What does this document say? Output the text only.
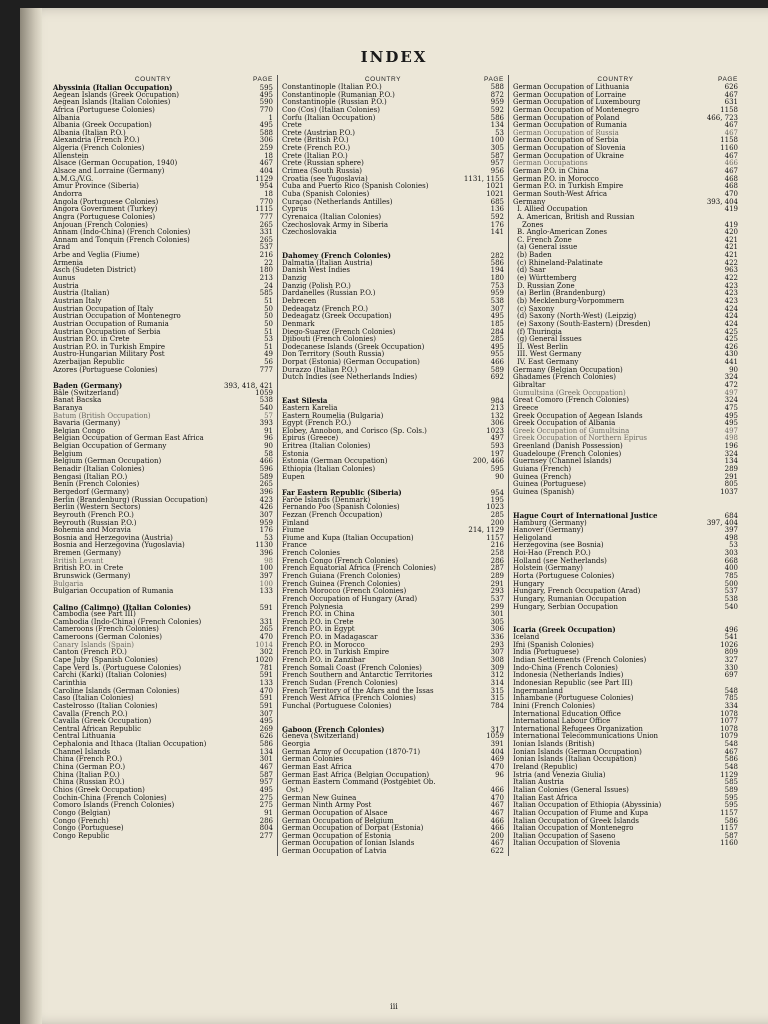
INDEX
COUNTRY	PAGE
Abyssinia (Italian Occupation)	595
Aegean Islands (Greek Occupation)	495
Aegean Islands (Italian Colonies)	590
Africa (Portuguese Colonies)	770
Albania	1
Albania (Greek Occupation)	495
Albania (Italian P.O.)	588
Alexandria (French P.O.)	306
Algeria (French Colonies)	259
Allenstein	18
Alsace (German Occupation, 1940)	467
Alsace and Lorraine (Germany)	404
A.M.G./V.G.	1129
Amur Province (Siberia)	954
Andorra	18
Angola (Portuguese Colonies)	770
Angora Government (Turkey)	1115
Angra (Portuguese Colonies)	777
Anjouan (French Colonies)	265
Annam (Indo-China) (French Colonies)	331
Annam and Tonquin (French Colonies)	265
Arad	537
Arbe and Veglia (Fiume)	216
Armenia	22
Asch (Sudeten District)	180
Aunus	213
Austria	24
Austria (Italian)	585
Austrian Italy	51
Austrian Occupation of Italy	50
Austrian Occupation of Montenegro	50
Austrian Occupation of Rumania	50
Austrian Occupation of Serbia	51
Austrian P.O. in Crete	53
Austrian P.O. in Turkish Empire	51
Austro-Hungarian Military Post	49
Azerbaijan Republic	56
Azores (Portuguese Colonies)	777
Baden (Germany)	393, 418, 421
Bâle (Switzerland)	1059
Banat Bacska	538
Baranya	540
Batum (British Occupation)	57
Bavaria (Germany)	393
Belgian Congo	91
Belgian Occupation of German East Africa	96
Belgian Occupation of Germany	90
Belgium	58
Belgium (German Occupation)	466
Benadir (Italian Colonies)	596
Bengasi (Italian P.O.)	589
Benin (French Colonies)	265
Bergedorf (Germany)	396
Berlin (Brandenburg) (Russian Occupation)	423
Berlin (Western Sectors)	426
Beyrouth (French P.O.)	307
Beyrouth (Russian P.O.)	959
Bohemia and Moravia	176
Bosnia and Herzegovina (Austria)	53
Bosnia and Herzegovina (Yugoslavia)	1130
Bremen (Germany)	396
British Levant	98
British P.O. in Crete	100
Brunswick (Germany)	397
Bulgaria	100
Bulgarian Occupation of Rumania	133
Calino (Calimno) (Italian Colonies)	591
Cambodia (see Part III)
Cambodia (Indo-China) (French Colonies)	331
Cameroons (French Colonies)	265
Cameroons (German Colonies)	470
Canary Islands (Spain)	1014
Canton (French P.O.)	302
Cape Juby (Spanish Colonies)	1020
Cape Verd Is. (Portuguese Colonies)	781
Carchi (Karki) (Italian Colonies)	591
Carinthia	133
Caroline Islands (German Colonies)	470
Caso (Italian Colonies)	591
Castelrosso (Italian Colonies)	591
Cavalla (French P.O.)	307
Cavalla (Greek Occupation)	495
Central African Republic	269
Central Lithuania	626
Cephalonia and Ithaca (Italian Occupation)	586
Channel Islands	134
China (French P.O.)	301
China (German P.O.)	467
China (Italian P.O.)	587
China (Russian P.O.)	957
Chios (Greek Occupation)	495
Cochin-China (French Colonies)	275
Comoro Islands (French Colonies)	275
Congo (Belgian)	91
Congo (French)	286
Congo (Portuguese)	804
Congo Republic	277
COUNTRY	PAGE
Constantinople (Italian P.O.)	588
Constantinople (Rumanian P.O.)	872
Constantinople (Russian P.O.)	959
Coo (Cos) (Italian Colonies)	592
Corfu (Italian Occupation)	586
Crete	134
Crete (Austrian P.O.)	53
Crete (British P.O.)	100
Crete (French P.O.)	305
Crete (Italian P.O.)	587
Crete (Russian sphere)	957
Crimea (South Russia)	956
Croatia (see Yugoslavia)	1131, 1155
Cuba and Puerto Rico (Spanish Colonies)	1021
Cuba (Spanish Colonies)	1021
Curaçao (Netherlands Antilles)	685
Cyprus	136
Cyrenaica (Italian Colonies)	592
Czechoslovak Army in Siberia	176
Czechoslovakia	141
Dahomey (French Colonies)	282
Dalmatia (Italian Austria)	586
Danish West Indies	194
Danzig	180
Danzig (Polish P.O.)	753
Dardanelles (Russian P.O.)	959
Debrecen	538
Dedeagatz (French P.O.)	307
Dedeagatz (Greek Occupation)	495
Denmark	185
Diego-Suarez (French Colonies)	284
Djibouti (French Colonies)	285
Dodecanese Islands (Greek Occupation)	495
Don Territory (South Russia)	955
Dorpat (Estonia) (German Occupation)	466
Durazzo (Italian P.O.)	589
Dutch Indies (see Netherlands Indies)	692
East Silesia	984
Eastern Karelia	213
Eastern Roumelia (Bulgaria)	132
Egypt (French P.O.)	306
Elobey, Annobon, and Corisco (Sp. Cols.)	1023
Epirus (Greece)	497
Eritrea (Italian Colonies)	593
Estonia	197
Estonia (German Occupation)	200, 466
Ethiopia (Italian Colonies)	595
Eupen	90
Far Eastern Republic (Siberia)	954
Faröe Islands (Denmark)	195
Fernando Poo (Spanish Colonies)	1023
Fezzan (French Occupation)	285
Finland	200
Fiume	214, 1129
Fiume and Kupa (Italian Occupation)	1157
France	216
French Colonies	258
French Congo (French Colonies)	286
French Equatorial Africa (French Colonies)	287
French Guiana (French Colonies)	289
French Guinea (French Colonies)	291
French Morocco (French Colonies)	293
French Occupation of Hungary (Arad)	537
French Polynesia	299
French P.O. in China	301
French P.O. in Crete	305
French P.O. in Egypt	306
French P.O. in Madagascar	336
French P.O. in Morocco	293
French P.O. in Turkish Empire	307
French P.O. in Zanzibar	308
French Somali Coast (French Colonies)	309
French Southern and Antarctic Territories	312
French Sudan (French Colonies)	314
French Territory of the Afars and the Issas	315
French West Africa (French Colonies)	315
Funchal (Portuguese Colonies)	784
Gaboon (French Colonies)	317
Geneva (Switzerland)	1059
Georgia	391
German Army of Occupation (1870-71)	404
German Colonies	469
German East Africa	470
German East Africa (Belgian Occupation)	96
German Eastern Command (Postgebiet Ob.
Ost.)	466
German New Guinea	470
German Ninth Army Post	467
German Occupation of Alsace	467
German Occupation of Belgium	466
German Occupation of Dorpat (Estonia)	466
German Occupation of Estonia	200
German Occupation of Ionian Islands	467
German Occupation of Latvia	622
COUNTRY	PAGE
German Occupation of Lithuania	626
German Occupation of Lorraine	467
German Occupation of Luxembourg	631
German Occupation of Montenegro	1158
German Occupation of Poland	466, 723
German Occupation of Rumania	467
German Occupation of Russia	467
German Occupation of Serbia	1158
German Occupation of Slovenia	1160
German Occupation of Ukraine	467
German Occupations	466
German P.O. in China	467
German P.O. in Morocco	468
German P.O. in Turkish Empire	468
German South-West Africa	470
Germany	393, 404
I. Allied Occupation	419
A. American, British and Russian
Zones	419
B. Anglo-American Zones	420
C. French Zone	421
(a) General issue	421
(b) Baden	421
(c) Rhineland-Palatinate	422
(d) Saar	963
(e) Württemberg	422
D. Russian Zone	423
(a) Berlin (Brandenburg)	423
(b) Mecklenburg-Vorpommern	423
(c) Saxony	424
(d) Saxony (North-West) (Leipzig)	424
(e) Saxony (South-Eastern) (Dresden)	424
(f) Thuringia	425
(g) General Issues	425
II. West Berlin	426
III. West Germany	430
IV. East Germany	441
Germany (Belgian Occupation)	90
Ghadames (French Colonies)	324
Gibraltar	472
Gumultsina (Greek Occupation)	497
Great Comoro (French Colonies)	324
Greece	475
Greek Occupation of Aegean Islands	495
Greek Occupation of Albania	495
Greek Occupation of Gumultsina	497
Greek Occupation of Northern Epirus	498
Greenland (Danish Possession)	196
Guadeloupe (French Colonies)	324
Guernsey (Channel Islands)	134
Guiana (French)	289
Guinea (French)	291
Guinea (Portuguese)	805
Guinea (Spanish)	1037
Hague Court of International Justice	684
Hamburg (Germany)	397, 404
Hanover (Germany)	397
Heligoland	498
Herzegovina (see Bosnia)	53
Hoi-Hao (French P.O.)	303
Holland (see Netherlands)	668
Holstein (Germany)	400
Horta (Portuguese Colonies)	785
Hungary	500
Hungary, French Occupation (Arad)	537
Hungary, Rumanian Occupation	538
Hungary, Serbian Occupation	540
Icaria (Greek Occupation)	496
Iceland	541
Ifni (Spanish Colonies)	1026
India (Portuguese)	809
Indian Settlements (French Colonies)	327
Indo-China (French Colonies)	330
Indonesia (Netherlands Indies)	697
Indonesian Republic (see Part III)
Ingermanland	548
Inhambane (Portuguese Colonies)	785
Inini (French Colonies)	334
International Education Office	1078
International Labour Office	1077
International Refugees Organization	1078
International Telecommunications Union	1079
Ionian Islands (British)	548
Ionian Islands (German Occupation)	467
Ionian Islands (Italian Occupation)	586
Ireland (Republic)	548
Istria (and Venezia Giulia)	1129
Italian Austria	585
Italian Colonies (General Issues)	589
Italian East Africa	595
Italian Occupation of Ethiopia (Abyssinia)	595
Italian Occupation of Fiume and Kupa	1157
Italian Occupation of Greek Islands	586
Italian Occupation of Montenegro	1157
Italian Occupation of Saseno	587
Italian Occupation of Slovenia	1160
iii
